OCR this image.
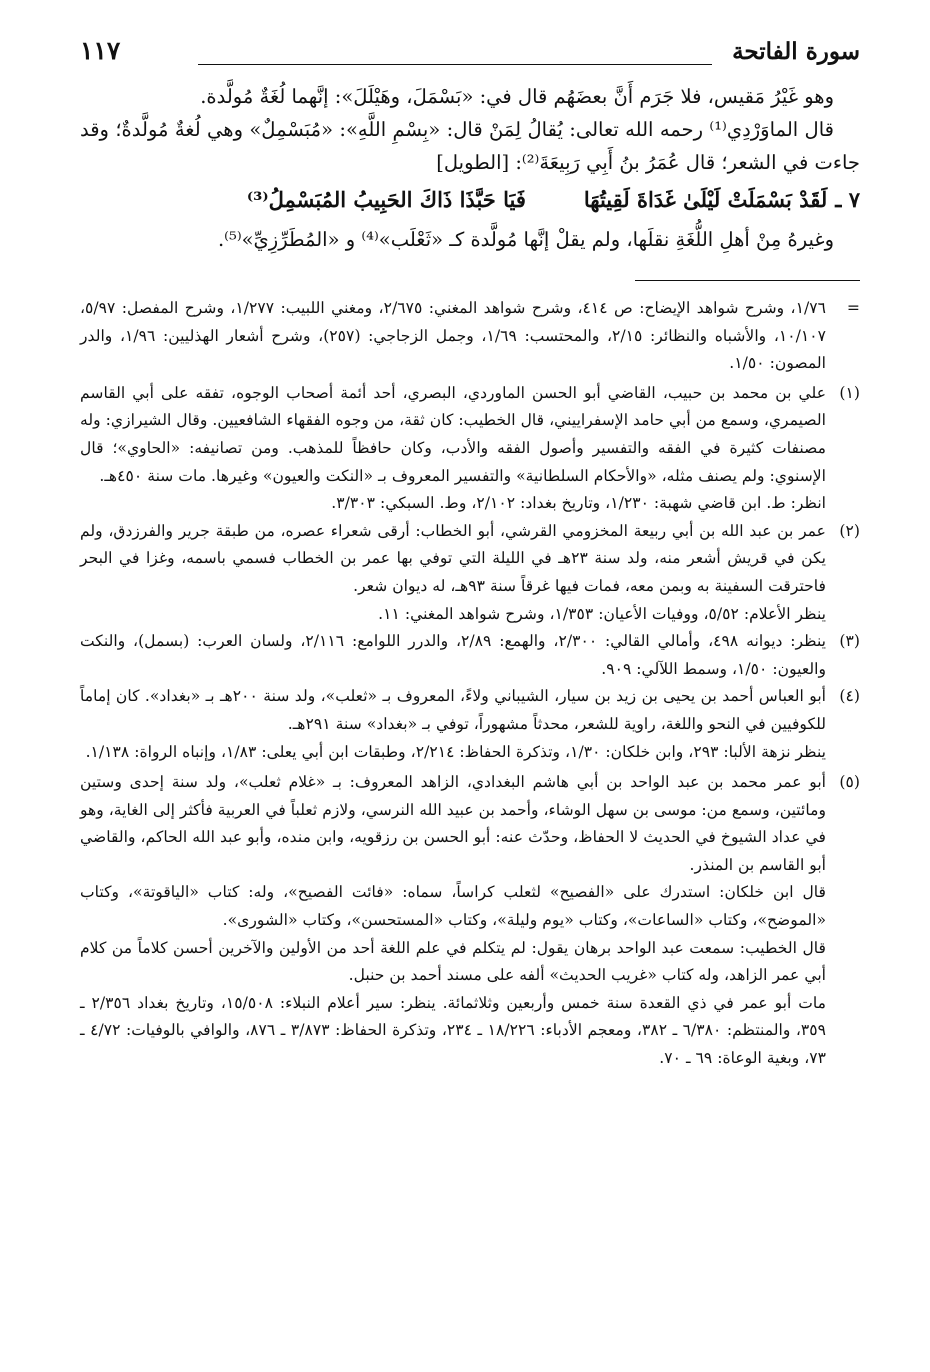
سورة الفاتحة
١١٧

وهو غَيْرُ مَقيس، فلا جَرَم أَنَّ بعضَهُم قال في: «بَسْمَلَ، وهَيْلَلَ»: إنَّهما لُغَةٌ مُولَّدة.

قال الماوَرْدِي⁽¹⁾ رحمه الله تعالى: يُقالُ لِمَنْ قال: «بِسْمِ اللَّهِ»: «مُبَسْمِلٌ» وهي لُغةٌ مُولَّدةٌ؛ وقد جاءت في الشعر؛ قال عُمَرُ بنُ أَبِي رَبِيعَةَ⁽²⁾: [الطويل]

٧ ـ
لَقَدْ بَسْمَلَتْ لَيْلَىٰ غَدَاةَ لَقِيتُهَا
فَيَا حَبَّذَا ذَاكَ الحَبِيبُ المُبَسْمِلُ⁽³⁾

وغيرهُ مِنْ أهلِ اللُّغَةِ نقلَها، ولم يقلْ إنَّها مُولَّدة كـ «ثَعْلَب»⁽⁴⁾ و «المُطَرِّزِيِّ»⁽⁵⁾.

=

١/٧٦، وشرح شواهد الإيضاح: ص ٤١٤، وشرح شواهد المغني: ٢/٦٧٥، ومغني اللبيب: ١/٢٧٧، وشرح المفصل: ٥/٩٧، ١٠/١٠٧، والأشباه والنظائر: ٢/١٥، والمحتسب: ١/٦٩، وجمل الزجاجي: (٢٥٧)، وشرح أشعار الهذليين: ١/٩٦، والدر المصون: ١/٥٠.

(١)

علي بن محمد بن حبيب، القاضي أبو الحسن الماوردي، البصري، أحد أئمة أصحاب الوجوه، تفقه على أبي القاسم الصيمري، وسمع من أبي حامد الإسفراييني، قال الخطيب: كان ثقة، من وجوه الفقهاء الشافعيين. وقال الشيرازي: وله مصنفات كثيرة في الفقه والتفسير وأصول الفقه والأدب، وكان حافظاً للمذهب. ومن تصانيفه: «الحاوي»؛ قال الإسنوي: ولم يصنف مثله، «والأحكام السلطانية» والتفسير المعروف بـ «النكت والعيون» وغيرها. مات سنة ٤٥٠هـ.

انظر: ط. ابن قاضي شهبة: ١/٢٣٠، وتاريخ بغداد: ٢/١٠٢، وط. السبكي: ٣/٣٠٣.

(٢)

عمر بن عبد الله بن أبي ربيعة المخزومي القرشي، أبو الخطاب: أرقى شعراء عصره، من طبقة جرير والفرزدق، ولم يكن في قريش أشعر منه، ولد سنة ٢٣هـ في الليلة التي توفي بها عمر بن الخطاب فسمي باسمه، وغزا في البحر فاحترقت السفينة به وبمن معه، فمات فيها غرقاً سنة ٩٣هـ، له ديوان شعر.

ينظر الأعلام: ٥/٥٢، ووفيات الأعيان: ١/٣٥٣، وشرح شواهد المغني: ١١.

(٣)

ينظر: ديوانه ٤٩٨، وأمالي القالي: ٢/٣٠٠، والهمع: ٢/٨٩، والدرر اللوامع: ٢/١١٦، ولسان العرب: (بسمل)، والنكت والعيون: ١/٥٠، وسمط اللآلي: ٩٠٩.

(٤)

أبو العباس أحمد بن يحيى بن زيد بن سيار، الشيباني ولاءً، المعروف بـ «ثعلب»، ولد سنة ٢٠٠هـ بـ «بغداد». كان إماماً للكوفيين في النحو واللغة، راوية للشعر، محدثاً مشهوراً، توفي بـ «بغداد» سنة ٢٩١هـ.

ينظر نزهة الألبا: ٢٩٣، وابن خلكان: ١/٣٠، وتذكرة الحفاظ: ٢/٢١٤، وطبقات ابن أبي يعلى: ١/٨٣، وإنباه الرواة: ١/١٣٨.

(٥)

أبو عمر محمد بن عبد الواحد بن أبي هاشم البغدادي، الزاهد المعروف: بـ «غلام ثعلب»، ولد سنة إحدى وستين ومائتين، وسمع من: موسى بن سهل الوشاء، وأحمد بن عبيد الله النرسي، ولازم ثعلباً في العربية فأكثر إلى الغاية، وهو في عداد الشيوخ في الحديث لا الحفاظ، وحدّث عنه: أبو الحسن بن رزقويه، وابن منده، وأبو عبد الله الحاكم، والقاضي أبو القاسم بن المنذر.

قال ابن خلكان: استدرك على «الفصيح» لثعلب كراساً، سماه: «فائت الفصيح»، وله: كتاب «الياقوتة»، وكتاب «الموضح»، وكتاب «الساعات»، وكتاب «يوم وليلة»، وكتاب «المستحسن»، وكتاب «الشورى».

قال الخطيب: سمعت عبد الواحد برهان يقول: لم يتكلم في علم اللغة أحد من الأولين والآخرين أحسن كلاماً من كلام أبي عمر الزاهد، وله كتاب «غريب الحديث» ألفه على مسند أحمد بن حنبل.

مات أبو عمر في ذي القعدة سنة خمس وأربعين وثلاثمائة. ينظر: سير أعلام النبلاء: ١٥/٥٠٨، وتاريخ بغداد ٢/٣٥٦ ـ ٣٥٩، والمنتظم: ٦/٣٨٠ ـ ٣٨٢، ومعجم الأدباء: ١٨/٢٢٦ ـ ٢٣٤، وتذكرة الحفاظ: ٣/٨٧٣ ـ ٨٧٦، والوافي بالوفيات: ٤/٧٢ ـ ٧٣، وبغية الوعاة: ٦٩ ـ ٧٠.
